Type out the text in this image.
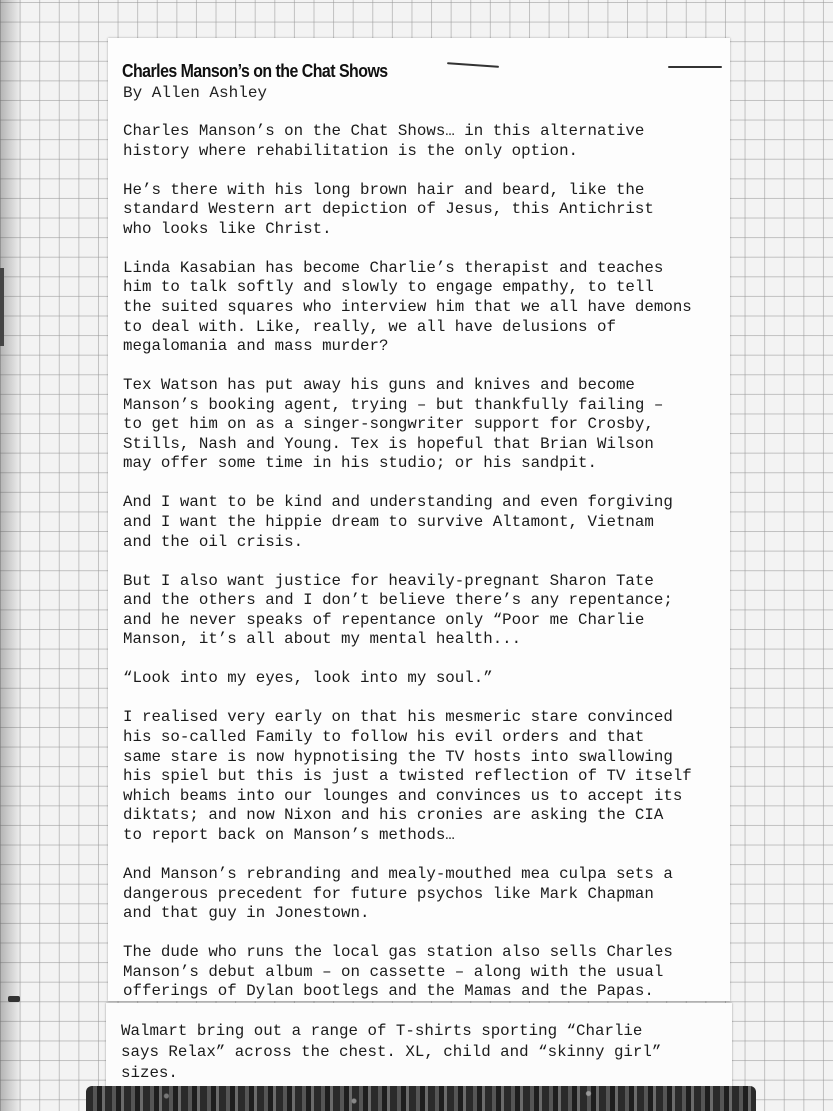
Charles Manson’s on the Chat Shows
By Allen Ashley

Charles Manson’s on the Chat Shows… in this alternative
history where rehabilitation is the only option.

He’s there with his long brown hair and beard, like the
standard Western art depiction of Jesus, this Antichrist
who looks like Christ.

Linda Kasabian has become Charlie’s therapist and teaches
him to talk softly and slowly to engage empathy, to tell
the suited squares who interview him that we all have demons
to deal with. Like, really, we all have delusions of
megalomania and mass murder?

Tex Watson has put away his guns and knives and become
Manson’s booking agent, trying – but thankfully failing –
to get him on as a singer-songwriter support for Crosby,
Stills, Nash and Young. Tex is hopeful that Brian Wilson
may offer some time in his studio; or his sandpit.

And I want to be kind and understanding and even forgiving
and I want the hippie dream to survive Altamont, Vietnam
and the oil crisis.

But I also want justice for heavily-pregnant Sharon Tate
and the others and I don’t believe there’s any repentance;
and he never speaks of repentance only “Poor me Charlie
Manson, it’s all about my mental health...

“Look into my eyes, look into my soul.”

I realised very early on that his mesmeric stare convinced
his so-called Family to follow his evil orders and that
same stare is now hypnotising the TV hosts into swallowing
his spiel but this is just a twisted reflection of TV itself
which beams into our lounges and convinces us to accept its
diktats; and now Nixon and his cronies are asking the CIA
to report back on Manson’s methods…

And Manson’s rebranding and mealy-mouthed mea culpa sets a
dangerous precedent for future psychos like Mark Chapman
and that guy in Jonestown.

The dude who runs the local gas station also sells Charles
Manson’s debut album – on cassette – along with the usual
offerings of Dylan bootlegs and the Mamas and the Papas.

Walmart bring out a range of T-shirts sporting “Charlie
says Relax” across the chest. XL, child and “skinny girl”
sizes.
